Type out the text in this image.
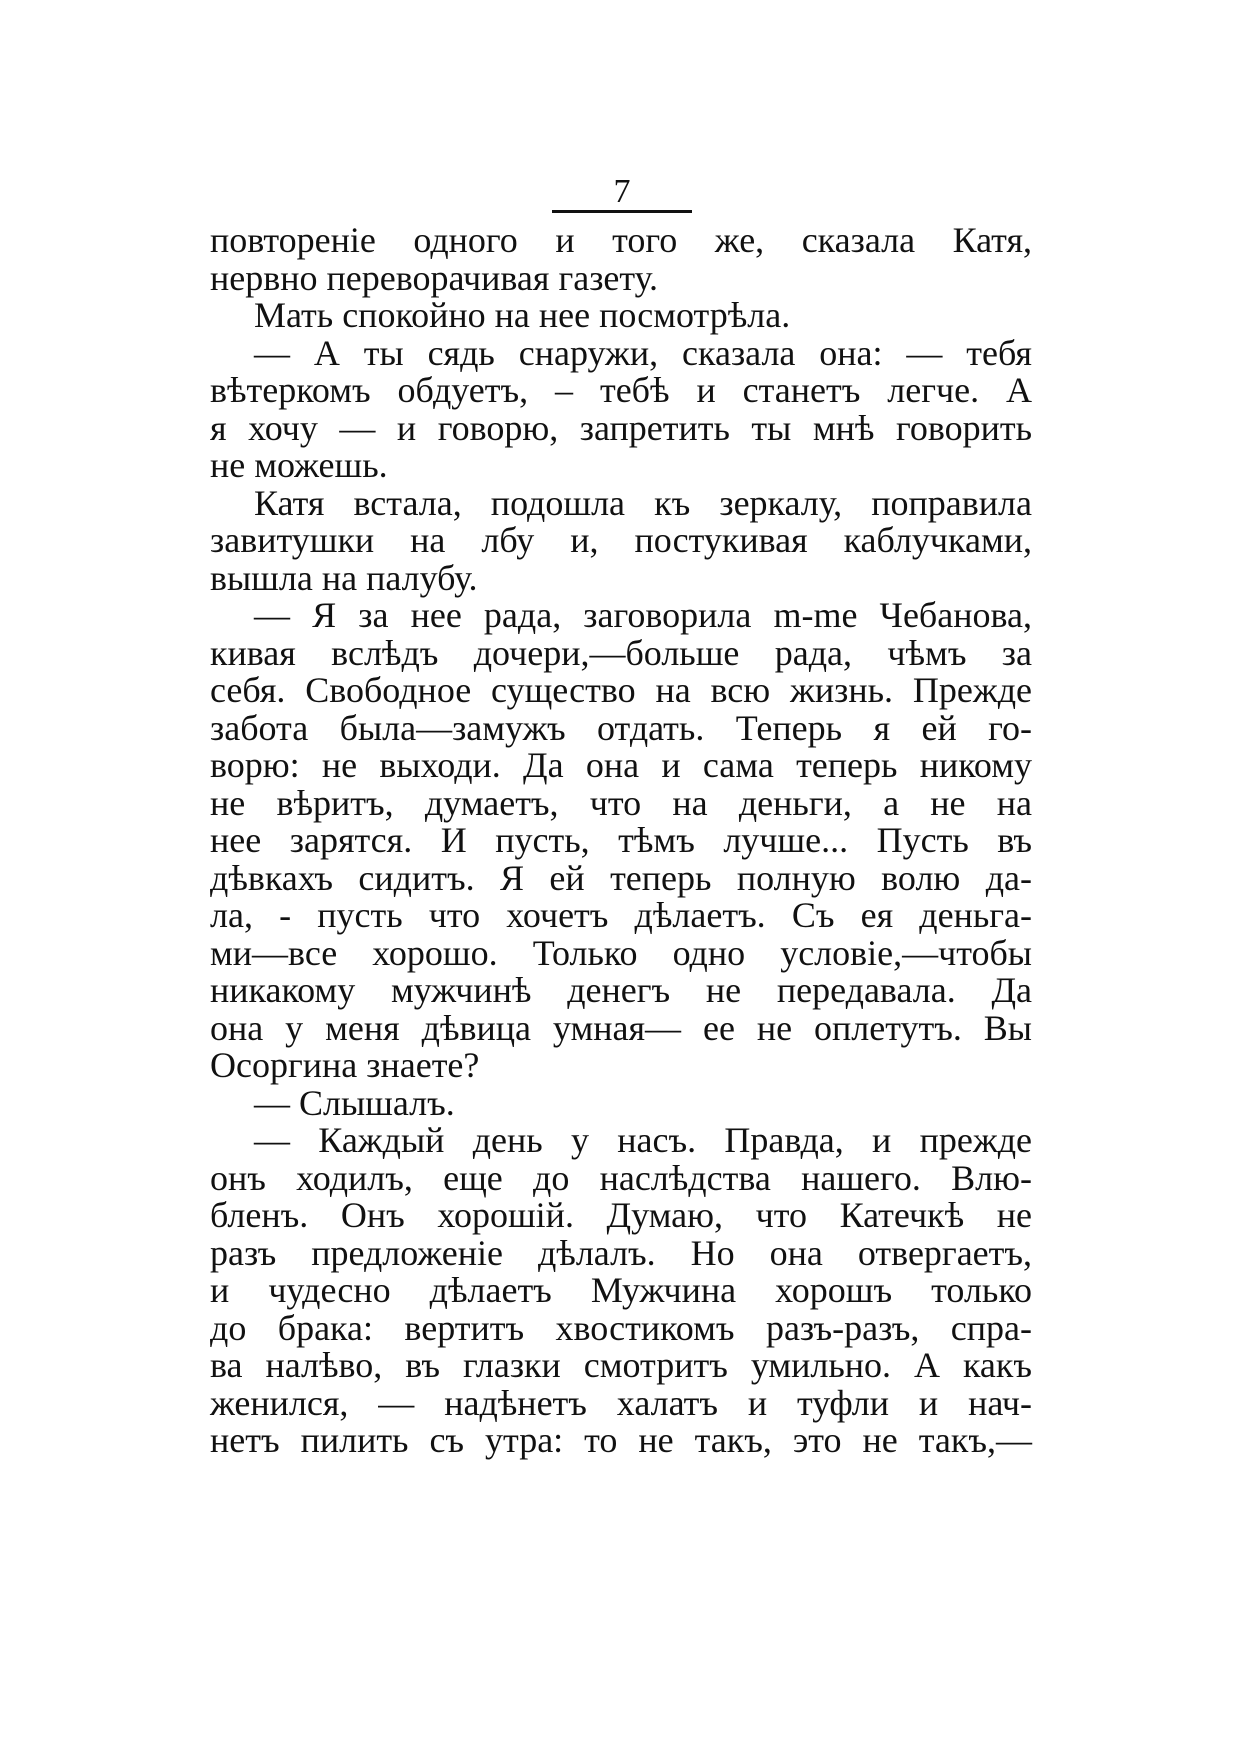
7
повторенiе одного и того же, сказала Катя,
нервно переворачивая газету.
Мать спокойно на нее посмотрѣла.
— А ты сядь снаружи, сказала она: — тебя
вѣтеркомъ обдуетъ, – тебѣ и станетъ легче. А
я хочу — и говорю, запретить ты мнѣ говорить
не можешь.
Катя встала, подошла къ зеркалу, поправила
завитушки на лбу и, постукивая каблучками,
вышла на палубу.
— Я за нее рада, заговорила m-me Чебанова,
кивая вслѣдъ дочери,—больше рада, чѣмъ за
себя. Свободное существо на всю жизнь. Прежде
забота была—замужъ отдать. Теперь я ей го-
ворю: не выходи. Да она и сама теперь никому
не вѣритъ, думаетъ, что на деньги, а не на
нее зарятся. И пусть, тѣмъ лучше... Пусть въ
дѣвкахъ сидитъ. Я ей теперь полную волю да-
ла, - пусть что хочетъ дѣлаетъ. Съ ея деньга-
ми—все хорошо. Только одно условiе,—чтобы
никакому мужчинѣ денегъ не передавала. Да
она у меня дѣвица умная— ее не оплетутъ. Вы
Осоргина знаете?
— Слышалъ.
— Каждый день у насъ. Правда, и прежде
онъ ходилъ, еще до наслѣдства нашего. Влю-
бленъ. Онъ хорошiй. Думаю, что Катечкѣ не
разъ предложенiе дѣлалъ. Но она отвергаетъ,
и чудесно дѣлаетъ Мужчина хорошъ только
до брака: вертитъ хвостикомъ разъ-разъ, спра-
ва налѣво, въ глазки смотритъ умильно. А какъ
женился, — надѣнетъ халатъ и туфли и нач-
нетъ пилить съ утра: то не такъ, это не такъ,—
